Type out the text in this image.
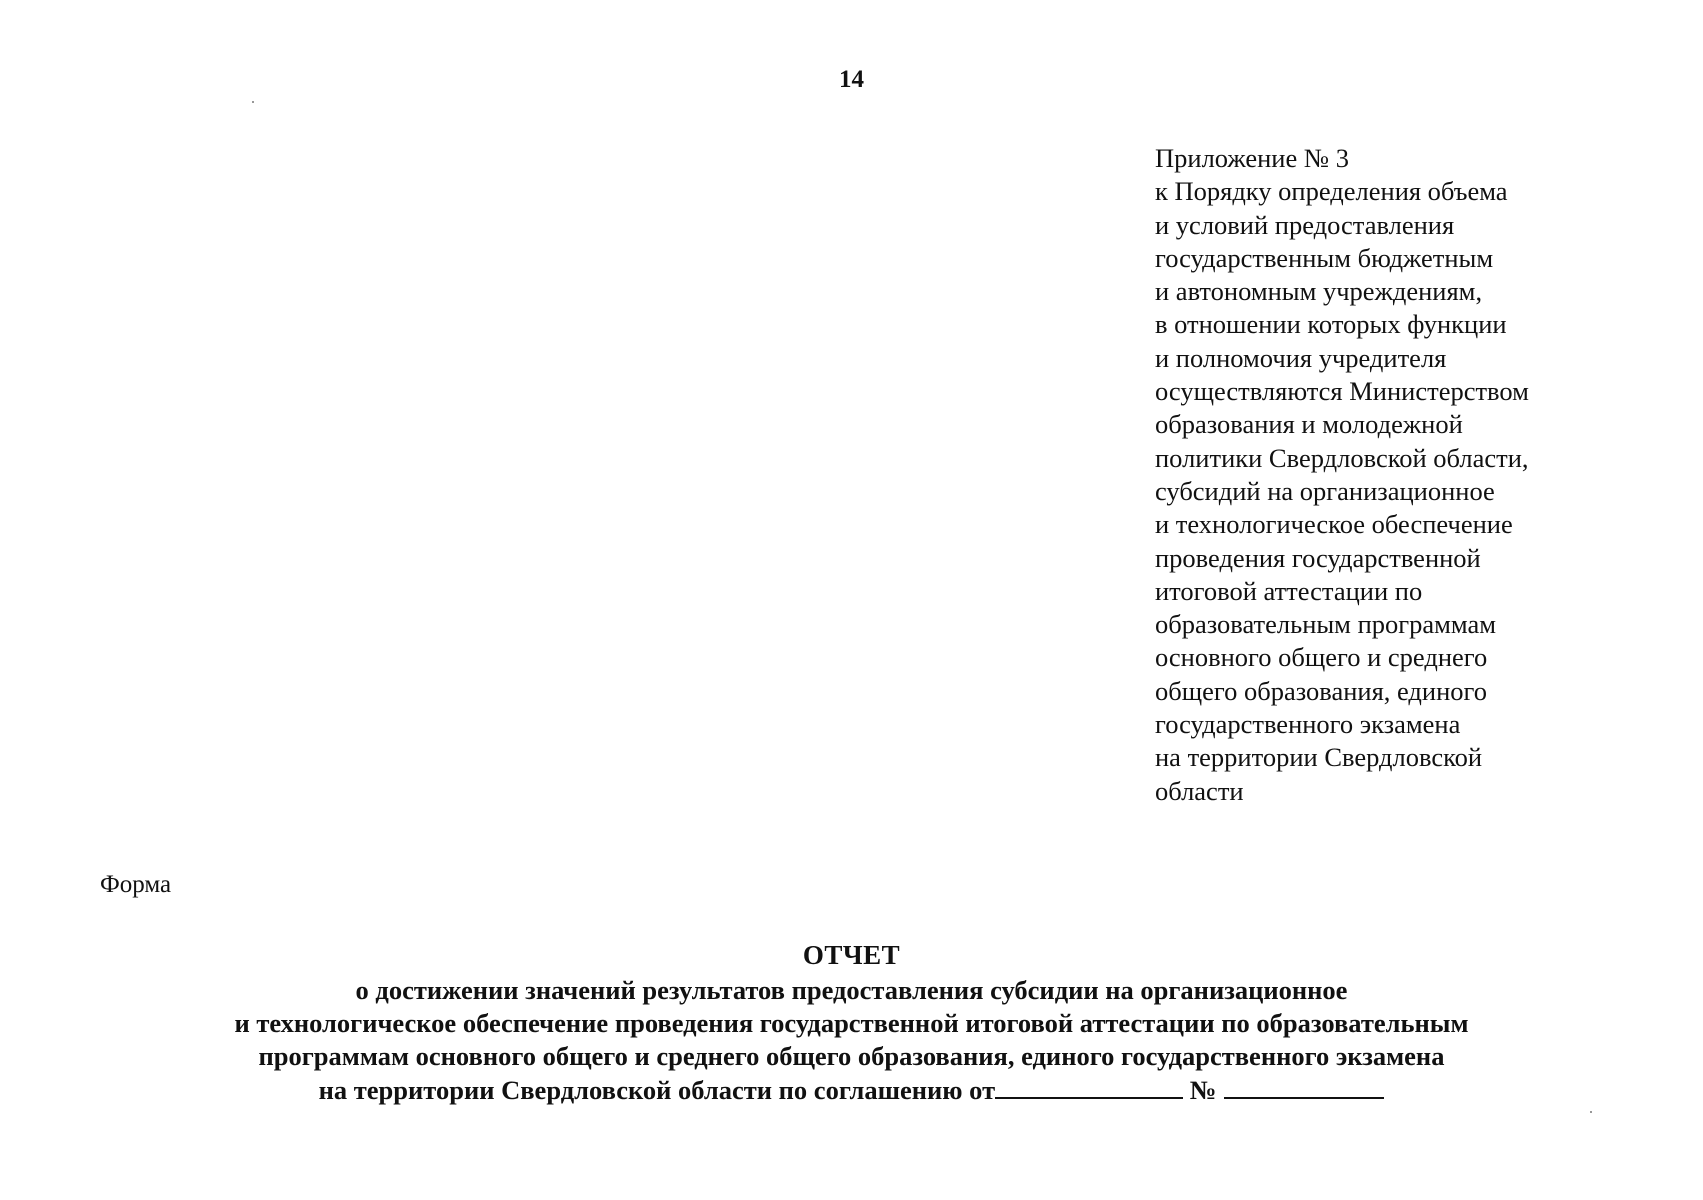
14
Приложение № 3
к Порядку определения объема
и условий предоставления
государственным бюджетным
и автономным учреждениям,
в отношении которых функции
и полномочия учредителя
осуществляются Министерством
образования и молодежной
политики Свердловской области,
субсидий на организационное
и технологическое обеспечение
проведения государственной
итоговой аттестации по
образовательным программам
основного общего и среднего
общего образования, единого
государственного экзамена
на территории Свердловской
области
Форма
ОТЧЕТ
о достижении значений результатов предоставления субсидии на организационное
и технологическое обеспечение проведения государственной итоговой аттестации по образовательным
программам основного общего и среднего общего образования, единого государственного экзамена
на территории Свердловской области по соглашению от	№
